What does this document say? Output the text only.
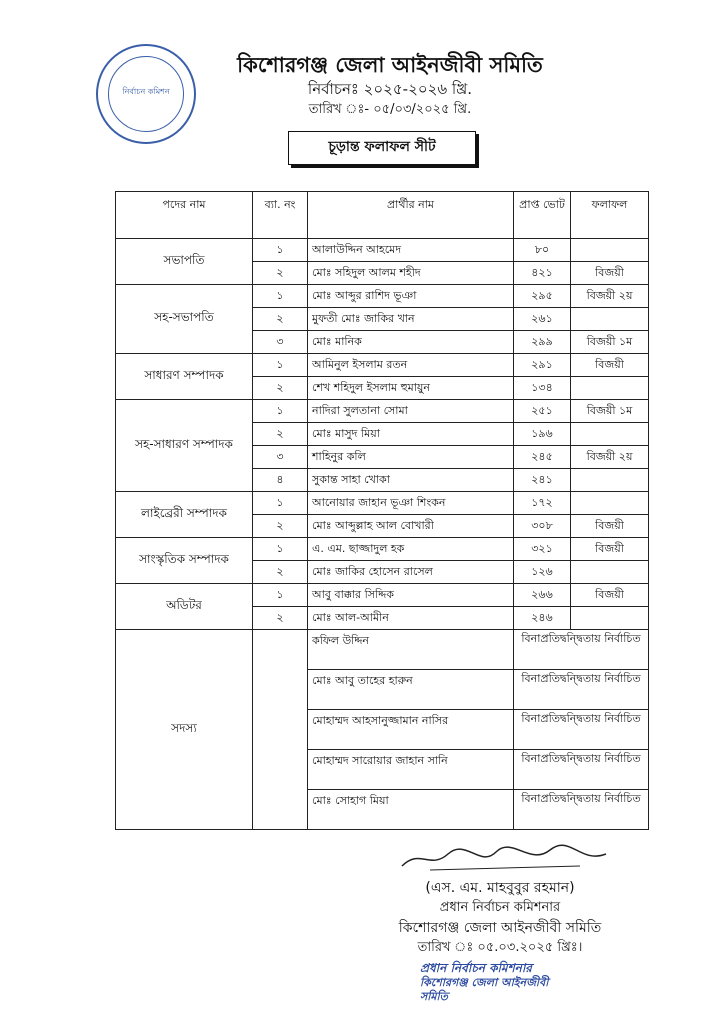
নির্বাচন কমিশন
কিশোরগঞ্জ জেলা আইনজীবী সমিতি
নির্বাচনঃ ২০২৫-২০২৬ খ্রি.
তারিখ ঃ- ০৫/০৩/২০২৫ খ্রি.
চূড়ান্ত ফলাফল সীট
পদের নাম	ব্যা. নং	প্রার্থীর নাম	প্রাপ্ত ভোট	ফলাফল
সভাপতি	১	আলাউদ্দিন আহমেদ	৮০	
	২	মোঃ সহিদুল আলম শহীদ	৪২১	বিজয়ী
সহ-সভাপতি	১	মোঃ আব্দুর রাশিদ ভূঞা	২৯৫	বিজয়ী ২য়
	২	মুফতী মোঃ জাকির খান	২৬১	
	৩	মোঃ মানিক	২৯৯	বিজয়ী ১ম
সাধারণ সম্পাদক	১	আমিনুল ইসলাম রতন	২৯১	বিজয়ী
	২	শেখ শহিদুল ইসলাম হুমায়ুন	১৩৪	
সহ-সাধারণ সম্পাদক	১	নাদিরা সুলতানা সোমা	২৫১	বিজয়ী ১ম
	২	মোঃ মাসুদ মিয়া	১৯৬	
	৩	শাহিনুর কলি	২৪৫	বিজয়ী ২য়
	৪	সুকান্ত সাহা খোকা	২৪১	
লাইব্রেরী সম্পাদক	১	আনোয়ার জাহান ভূঞা শিংকন	১৭২	
	২	মোঃ আব্দুল্লাহ আল বোখারী	৩০৮	বিজয়ী
সাংস্কৃতিক সম্পাদক	১	এ. এম. ছাজ্জাদুল হক	৩২১	বিজয়ী
	২	মোঃ জাকির হোসেন রাসেল	১২৬	
অডিটর	১	আবু বাক্কার সিদ্দিক	২৬৬	বিজয়ী
	২	মোঃ আল-আমীন	২৪৬	
সদস্য		কফিল উদ্দিন	বিনাপ্রতিদ্বন্দ্বিতায় নির্বাচিত	
		মোঃ আবু তাহের হারুন	বিনাপ্রতিদ্বন্দ্বিতায় নির্বাচিত	
		মোহাম্মদ আহসানুজ্জামান নাসির	বিনাপ্রতিদ্বন্দ্বিতায় নির্বাচিত	
		মোহাম্মদ সারোয়ার জাহান সানি	বিনাপ্রতিদ্বন্দ্বিতায় নির্বাচিত	
		মোঃ সোহাগ মিয়া	বিনাপ্রতিদ্বন্দ্বিতায় নির্বাচিত	
(এস. এম. মাহবুবুর রহমান)
প্রধান নির্বাচন কমিশনার
কিশোরগঞ্জ জেলা আইনজীবী সমিতি
তারিখ ঃ ০৫.০৩.২০২৫ খ্রিঃ।
প্রধান নির্বাচন কমিশনার
কিশোরগঞ্জ জেলা আইনজীবী সমিতি
